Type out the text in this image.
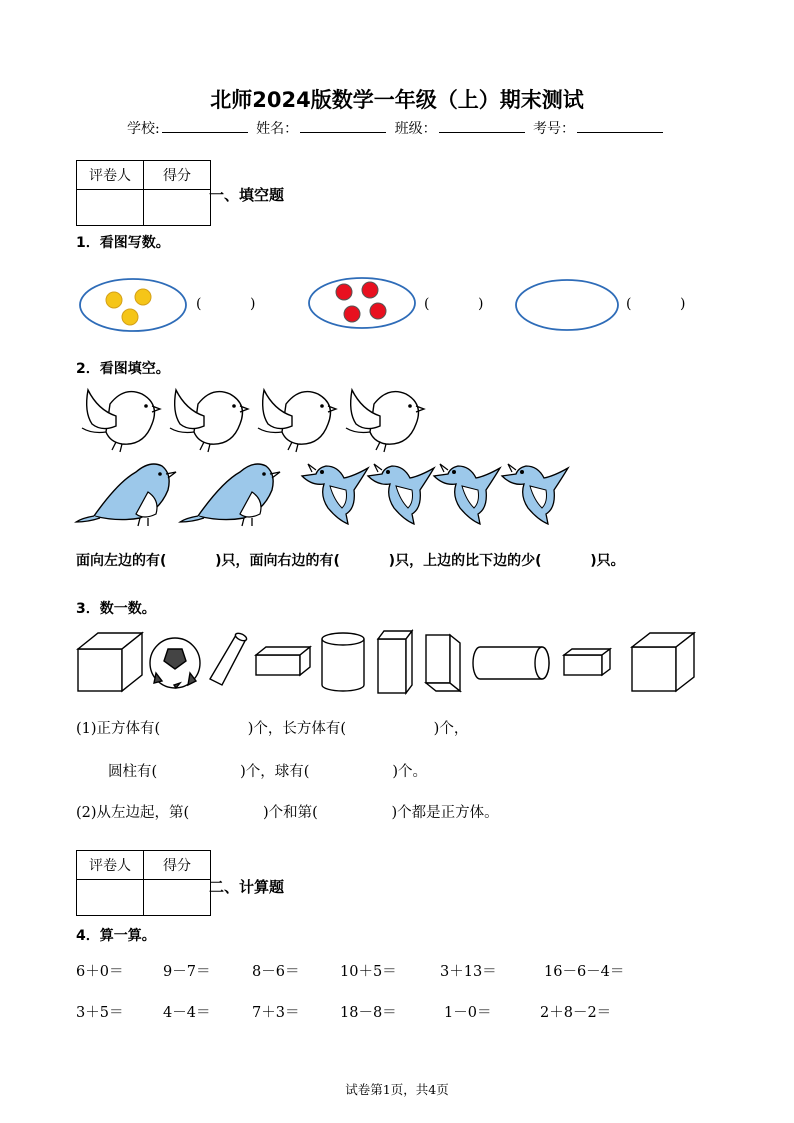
北师2024版数学一年级（上）期末测试
学校:	姓名：	班级：	考号：
评卷人	得分

一、填空题
1．看图写数。
(	)	(	)	(	)
2．看图填空。
面向左边的有(          )只，面向右边的有(          )只，上边的比下边的少(          )只。
3．数一数。
(1)正方体有(                   )个，长方体有(                   )个，
圆柱有(                  )个，球有(                  )个。
(2)从左边起，第(                )个和第(                )个都是正方体。
评卷人	得分

二、计算题
4．算一算。
6＋0＝	9－7＝	8－6＝	10＋5＝	3＋13＝	16－6－4＝
3＋5＝	4－4＝	7＋3＝	18－8＝	1－0＝	2＋8－2＝
试卷第1页，共4页
